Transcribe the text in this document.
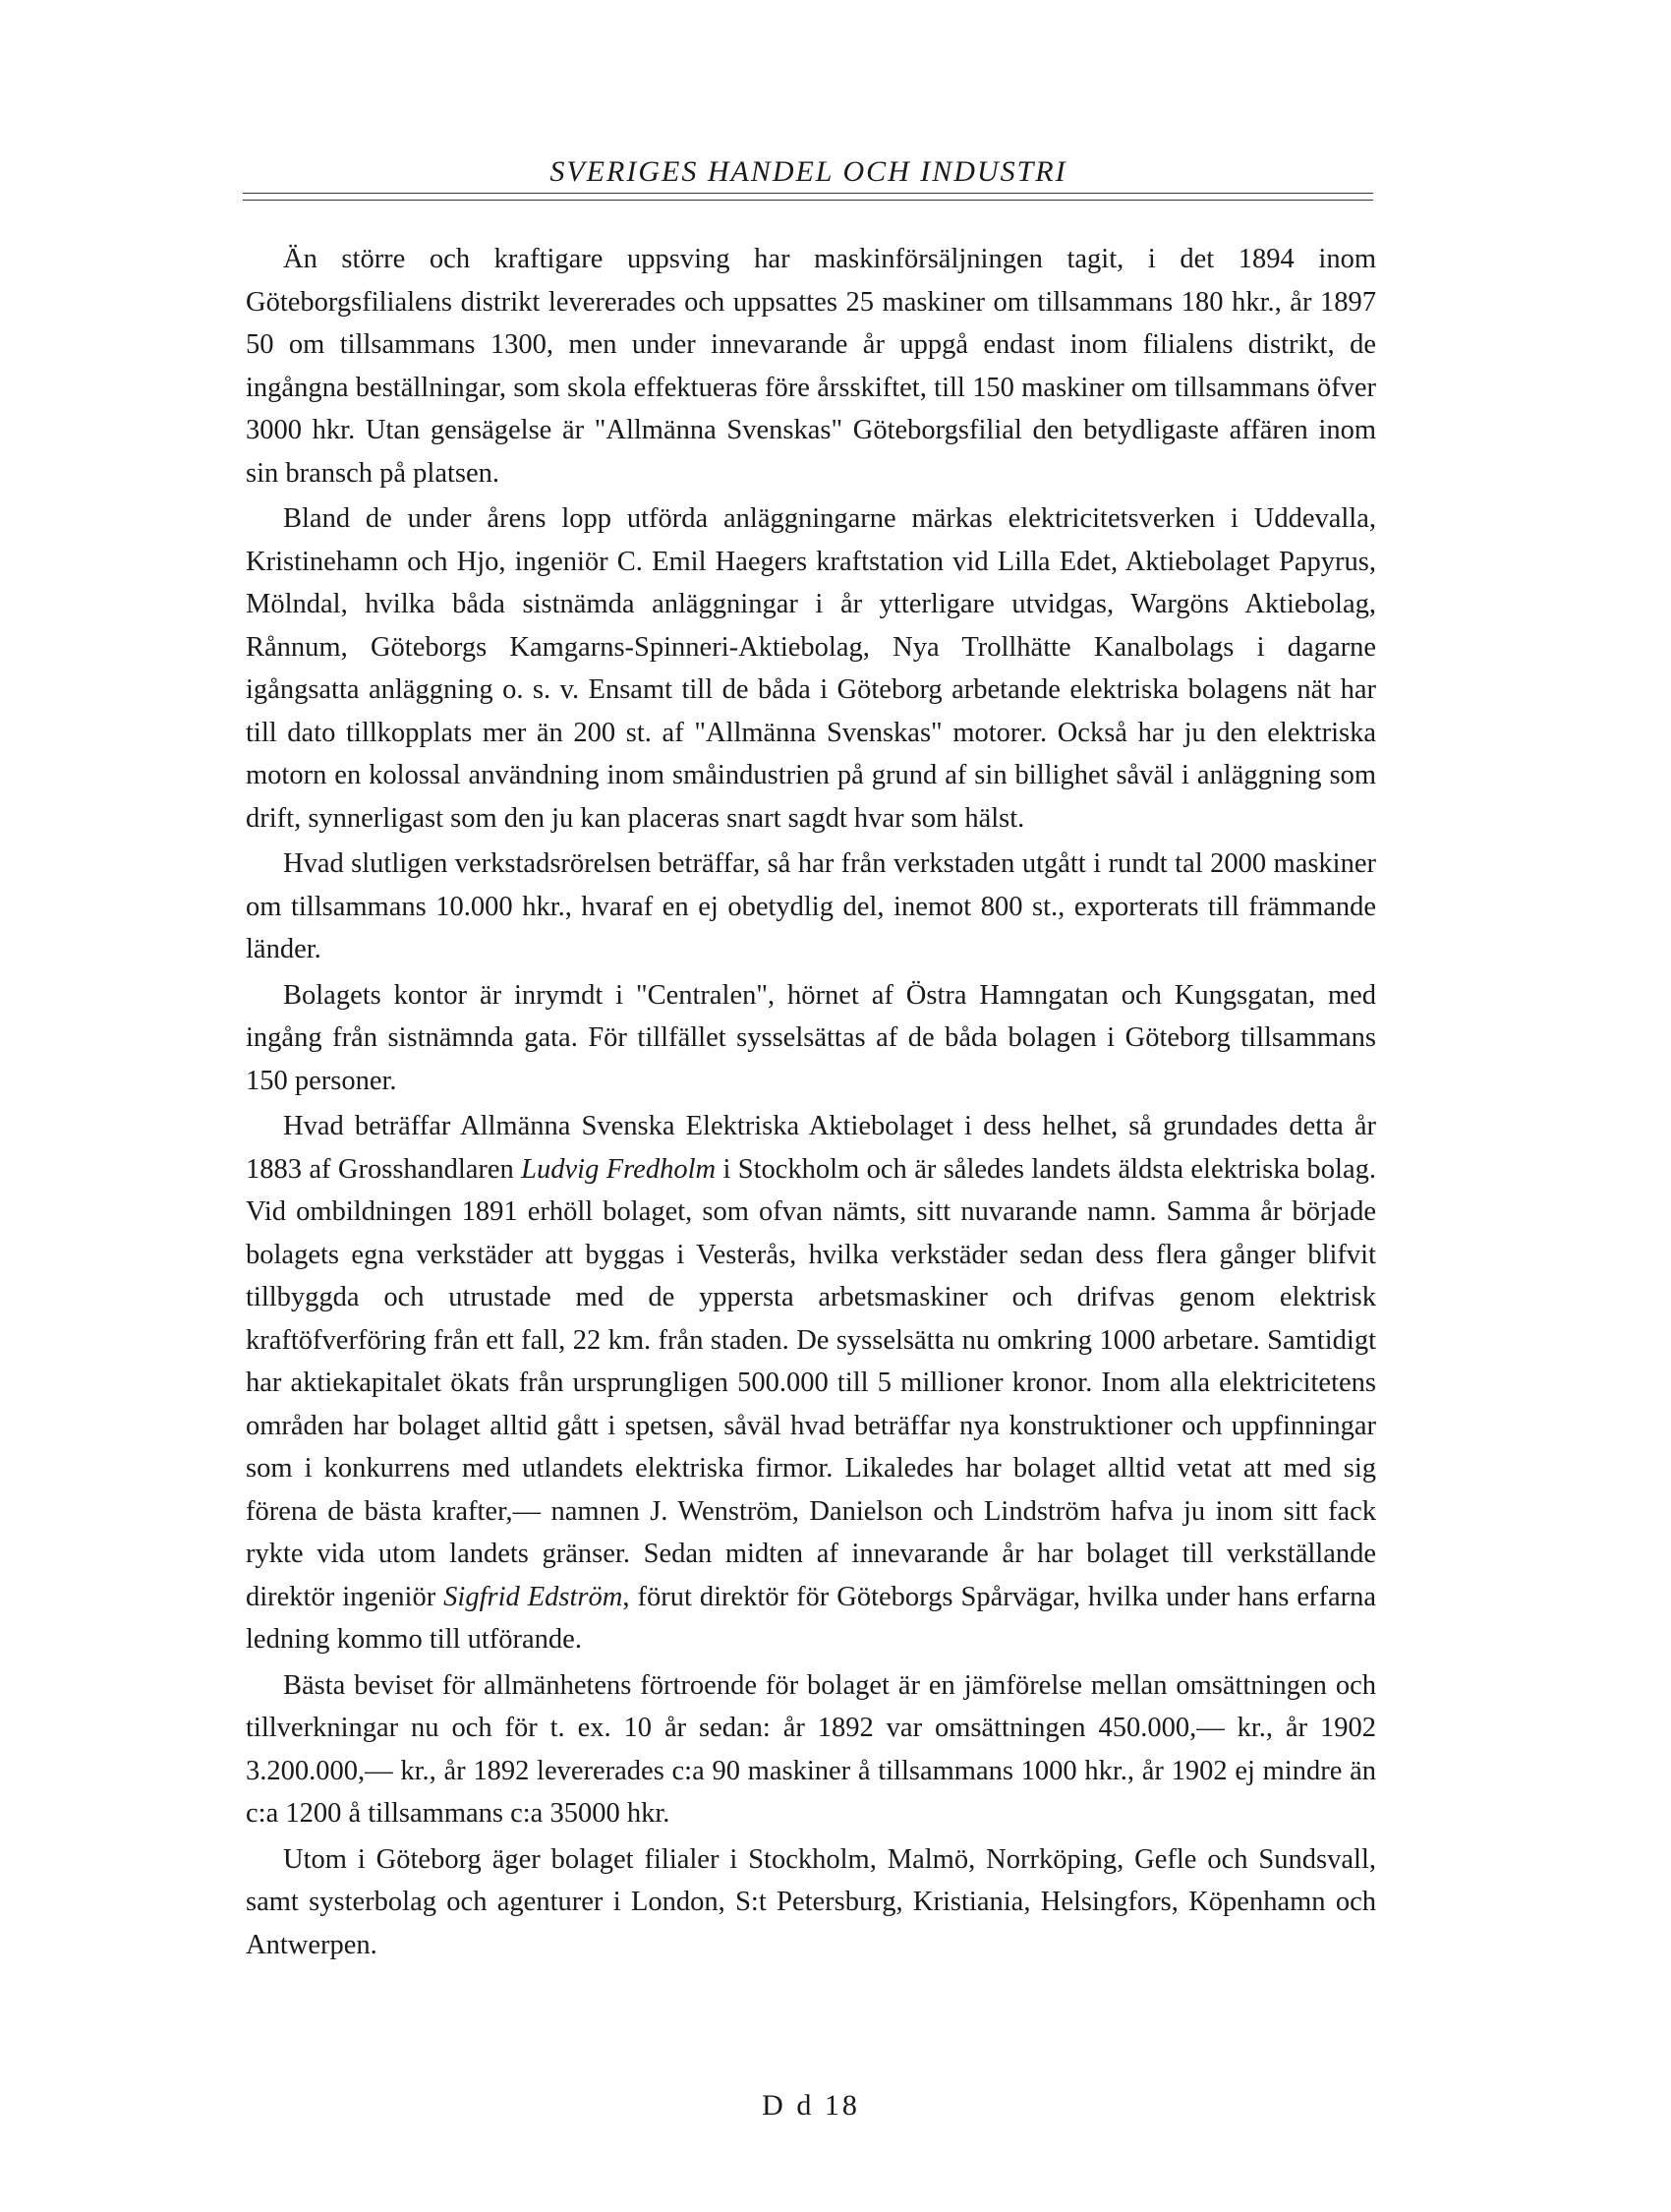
SVERIGES HANDEL OCH INDUSTRI

Än större och kraftigare uppsving har maskinförsäljningen tagit, i det 1894 inom Göteborgsfilialens distrikt levererades och uppsattes 25 maskiner om tillsammans 180 hkr., år 1897 50 om tillsammans 1300, men under innevarande år uppgå endast inom filialens distrikt, de ingångna beställningar, som skola effektueras före årsskiftet, till 150 maskiner om tillsammans öfver 3000 hkr. Utan gensägelse är "Allmänna Svenskas" Göteborgsfilial den betydligaste affären inom sin bransch på platsen.

Bland de under årens lopp utförda anläggningarne märkas elektricitetsverken i Uddevalla, Kristinehamn och Hjo, ingeniör C. Emil Haegers kraftstation vid Lilla Edet, Aktiebolaget Papyrus, Mölndal, hvilka båda sistnämda anläggningar i år ytterligare utvidgas, Wargöns Aktiebolag, Rånnum, Göteborgs Kamgarns-Spinneri-Aktiebolag, Nya Trollhätte Kanalbolags i dagarne igångsatta anläggning o. s. v. Ensamt till de båda i Göteborg arbetande elektriska bolagens nät har till dato tillkopplats mer än 200 st. af "Allmänna Svenskas" motorer. Också har ju den elektriska motorn en kolossal användning inom småindustrien på grund af sin billighet såväl i anläggning som drift, synnerligast som den ju kan placeras snart sagdt hvar som hälst.

Hvad slutligen verkstadsrörelsen beträffar, så har från verkstaden utgått i rundt tal 2000 maskiner om tillsammans 10.000 hkr., hvaraf en ej obetydlig del, inemot 800 st., exporterats till främmande länder.

Bolagets kontor är inrymdt i "Centralen", hörnet af Östra Hamngatan och Kungsgatan, med ingång från sistnämnda gata. För tillfället sysselsättas af de båda bolagen i Göteborg tillsammans 150 personer.

Hvad beträffar Allmänna Svenska Elektriska Aktiebolaget i dess helhet, så grundades detta år 1883 af Grosshandlaren Ludvig Fredholm i Stockholm och är således landets äldsta elektriska bolag. Vid ombildningen 1891 erhöll bolaget, som ofvan nämts, sitt nuvarande namn. Samma år började bolagets egna verkstäder att byggas i Vesterås, hvilka verkstäder sedan dess flera gånger blifvit tillbyggda och utrustade med de yppersta arbetsmaskiner och drifvas genom elektrisk kraftöfverföring från ett fall, 22 km. från staden. De sysselsätta nu omkring 1000 arbetare. Samtidigt har aktiekapitalet ökats från ursprungligen 500.000 till 5 millioner kronor. Inom alla elektricitetens områden har bolaget alltid gått i spetsen, såväl hvad beträffar nya konstruktioner och uppfinningar som i konkurrens med utlandets elektriska firmor. Likaledes har bolaget alltid vetat att med sig förena de bästa krafter,— namnen J. Wenström, Danielson och Lindström hafva ju inom sitt fack rykte vida utom landets gränser. Sedan midten af innevarande år har bolaget till verkställande direktör ingeniör Sigfrid Edström, förut direktör för Göteborgs Spårvägar, hvilka under hans erfarna ledning kommo till utförande.

Bästa beviset för allmänhetens förtroende för bolaget är en jämförelse mellan omsättningen och tillverkningar nu och för t. ex. 10 år sedan: år 1892 var omsättningen 450.000,— kr., år 1902 3.200.000,— kr., år 1892 levererades c:a 90 maskiner å tillsammans 1000 hkr., år 1902 ej mindre än c:a 1200 å tillsammans c:a 35000 hkr.

Utom i Göteborg äger bolaget filialer i Stockholm, Malmö, Norrköping, Gefle och Sundsvall, samt systerbolag och agenturer i London, S:t Petersburg, Kristiania, Helsingfors, Köpenhamn och Antwerpen.

D d 18
